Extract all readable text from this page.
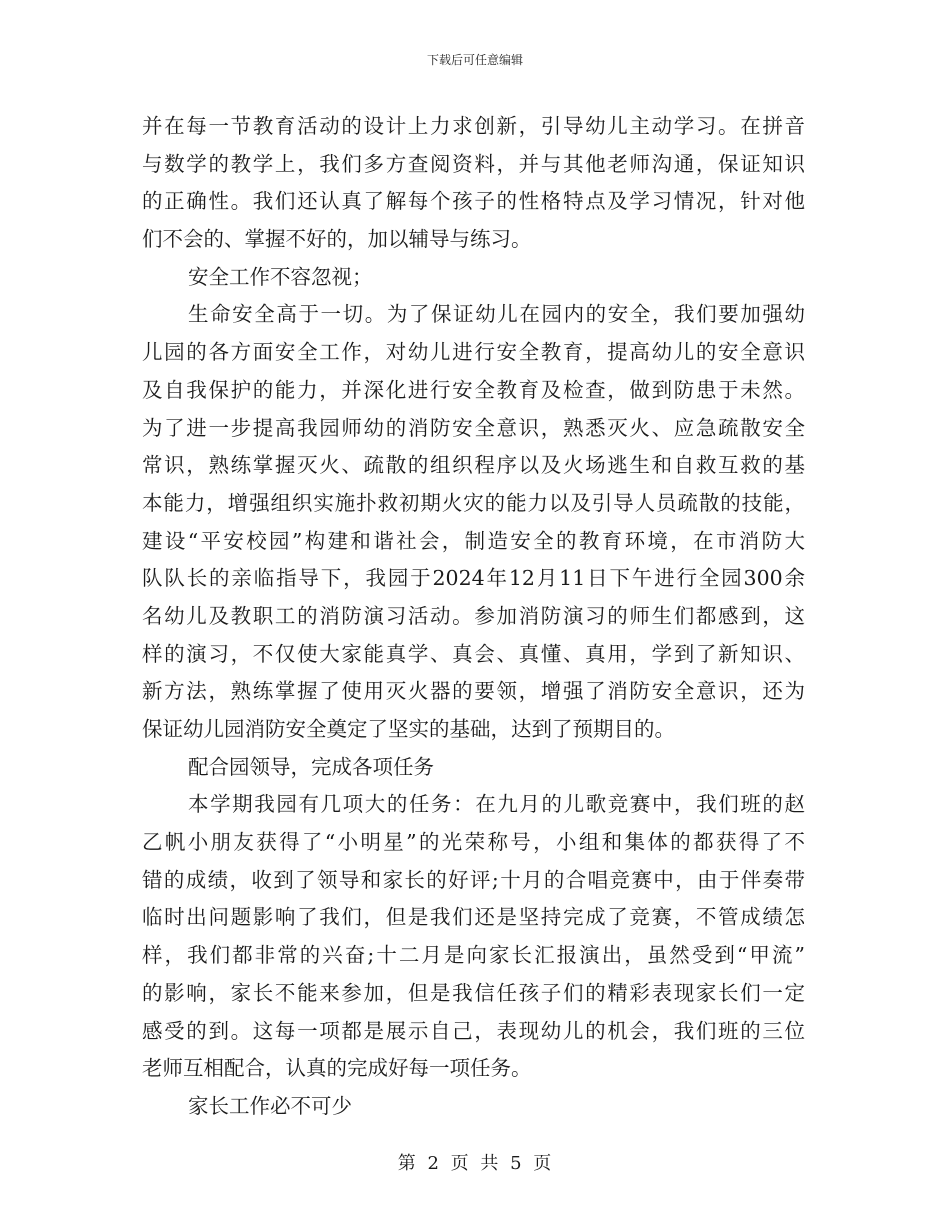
下载后可任意编辑
并在每一节教育活动的设计上力求创新，引导幼儿主动学习。在拼音
与数学的教学上，我们多方查阅资料，并与其他老师沟通，保证知识
的正确性。我们还认真了解每个孩子的性格特点及学习情况，针对他
们不会的、掌握不好的，加以辅导与练习。
安全工作不容忽视；
生命安全高于一切。为了保证幼儿在园内的安全，我们要加强幼
儿园的各方面安全工作，对幼儿进行安全教育，提高幼儿的安全意识
及自我保护的能力，并深化进行安全教育及检查，做到防患于未然。
为了进一步提高我园师幼的消防安全意识，熟悉灭火、应急疏散安全
常识，熟练掌握灭火、疏散的组织程序以及火场逃生和自救互救的基
本能力，增强组织实施扑救初期火灾的能力以及引导人员疏散的技能，
建设“平安校园”构建和谐社会，制造安全的教育环境，在市消防大
队队长的亲临指导下，我园于2024年12月11日下午进行全园300余
名幼儿及教职工的消防演习活动。参加消防演习的师生们都感到，这
样的演习，不仅使大家能真学、真会、真懂、真用，学到了新知识、
新方法，熟练掌握了使用灭火器的要领，增强了消防安全意识，还为
保证幼儿园消防安全奠定了坚实的基础，达到了预期目的。
配合园领导，完成各项任务
本学期我园有几项大的任务：在九月的儿歌竞赛中，我们班的赵
乙帆小朋友获得了“小明星”的光荣称号，小组和集体的都获得了不
错的成绩，收到了领导和家长的好评;十月的合唱竞赛中，由于伴奏带
临时出问题影响了我们，但是我们还是坚持完成了竞赛，不管成绩怎
样，我们都非常的兴奋;十二月是向家长汇报演出，虽然受到“甲流”
的影响，家长不能来参加，但是我信任孩子们的精彩表现家长们一定
感受的到。这每一项都是展示自己，表现幼儿的机会，我们班的三位
老师互相配合，认真的完成好每一项任务。
家长工作必不可少
第 2 页 共 5 页
